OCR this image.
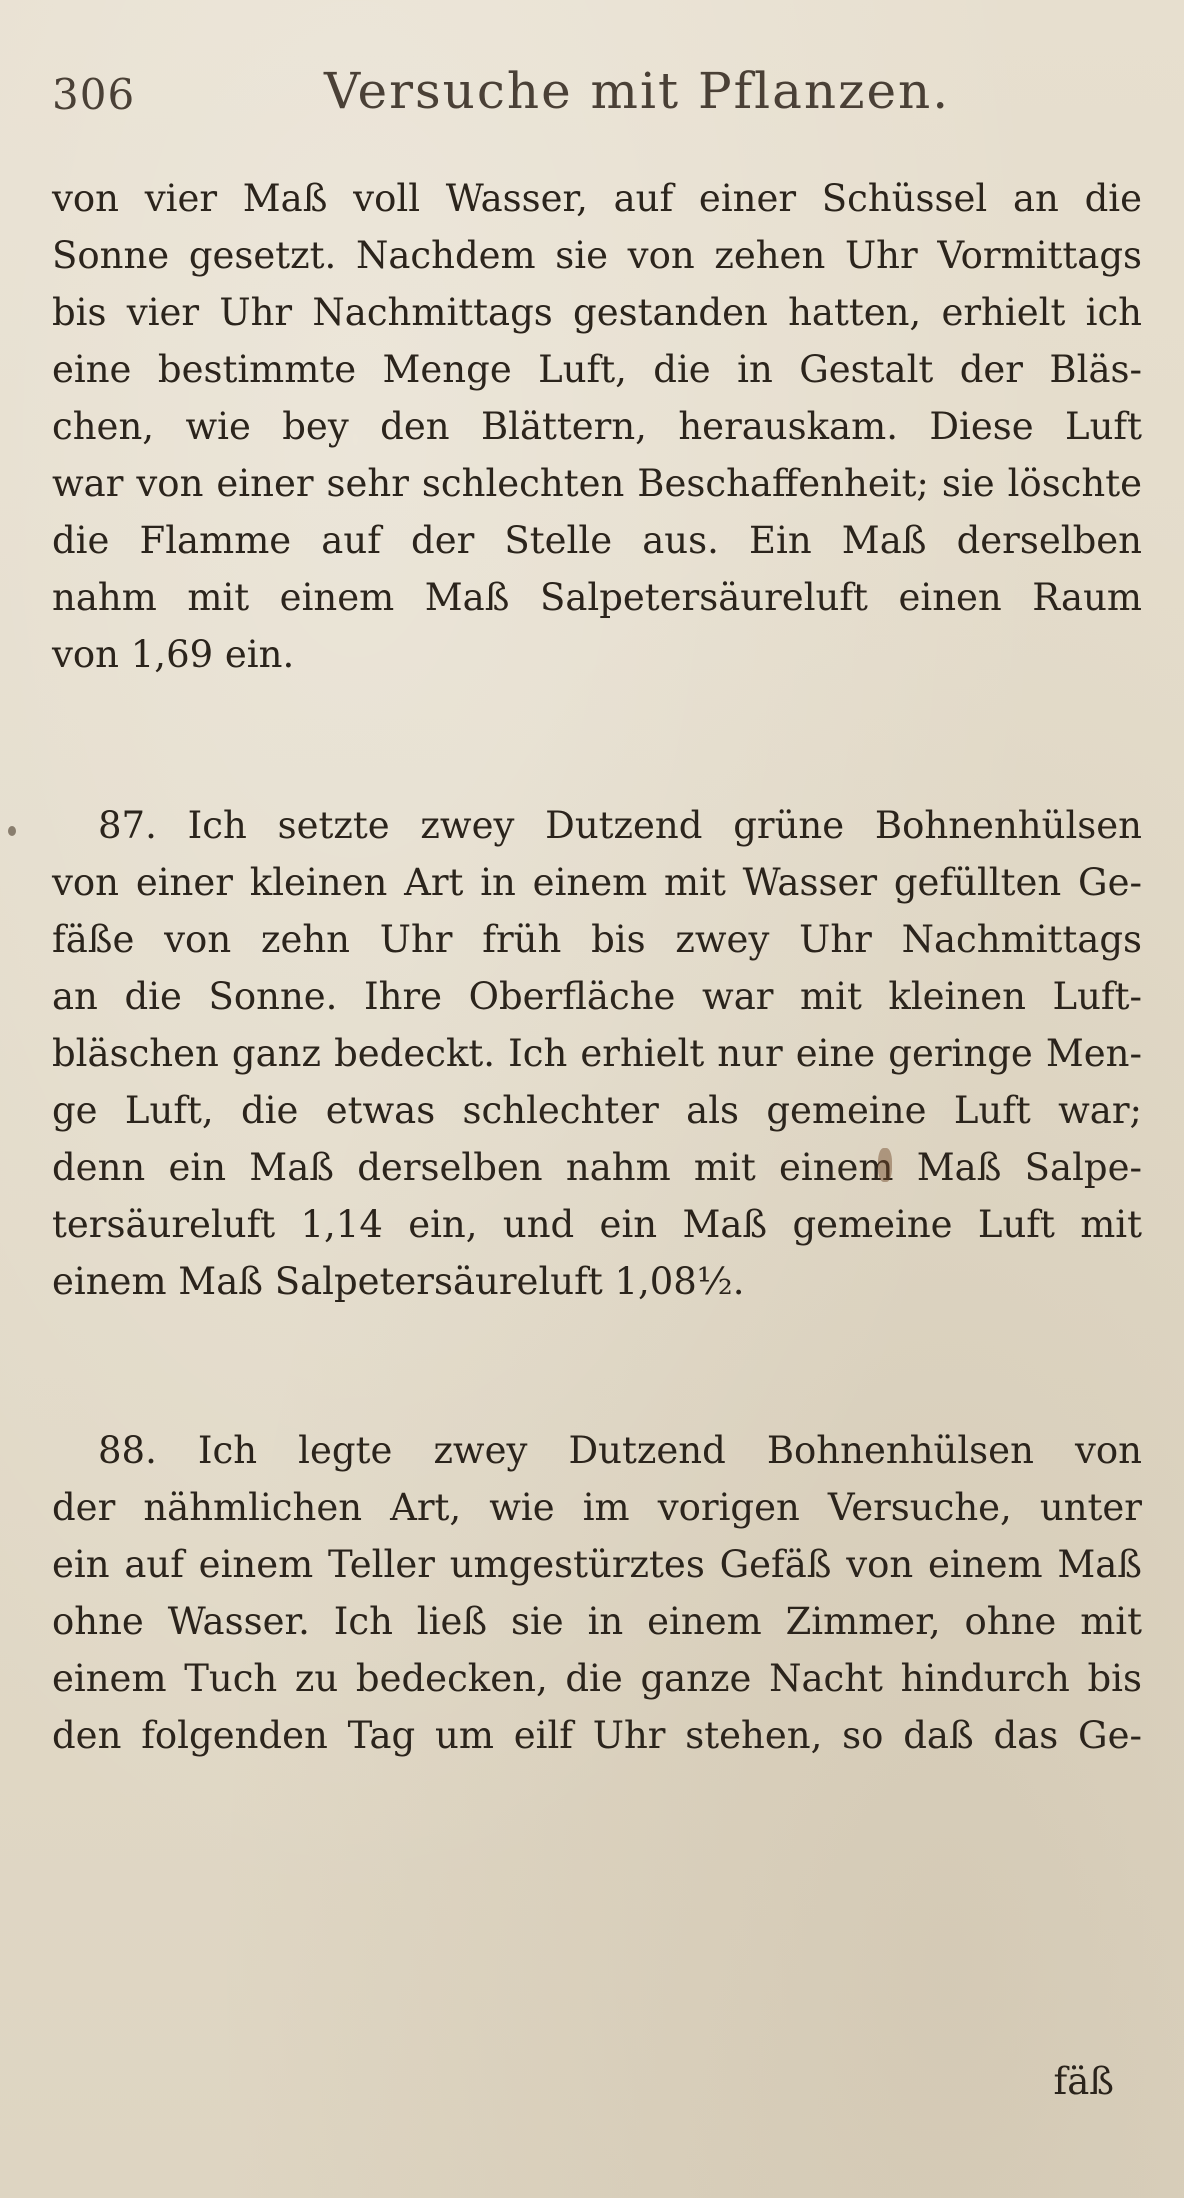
306	Versuche mit Pflanzen.
von vier Maß voll Wasser, auf einer Schüssel an die
Sonne gesetzt. Nachdem sie von zehen Uhr Vormittags
bis vier Uhr Nachmittags gestanden hatten, erhielt ich
eine bestimmte Menge Luft, die in Gestalt der Bläs-
chen, wie bey den Blättern, herauskam. Diese Luft
war von einer sehr schlechten Beschaffenheit; sie löschte
die Flamme auf der Stelle aus. Ein Maß derselben
nahm mit einem Maß Salpetersäureluft einen Raum
von 1,69 ein.
87. Ich setzte zwey Dutzend grüne Bohnenhülsen
von einer kleinen Art in einem mit Wasser gefüllten Ge-
fäße von zehn Uhr früh bis zwey Uhr Nachmittags
an die Sonne. Ihre Oberfläche war mit kleinen Luft-
bläschen ganz bedeckt. Ich erhielt nur eine geringe Men-
ge Luft, die etwas schlechter als gemeine Luft war;
denn ein Maß derselben nahm mit einem Maß Salpe-
tersäureluft 1,14 ein, und ein Maß gemeine Luft mit
einem Maß Salpetersäureluft 1,08½.
88. Ich legte zwey Dutzend Bohnenhülsen von
der nähmlichen Art, wie im vorigen Versuche, unter
ein auf einem Teller umgestürztes Gefäß von einem Maß
ohne Wasser. Ich ließ sie in einem Zimmer, ohne mit
einem Tuch zu bedecken, die ganze Nacht hindurch bis
den folgenden Tag um eilf Uhr stehen, so daß das Ge-
fäß
